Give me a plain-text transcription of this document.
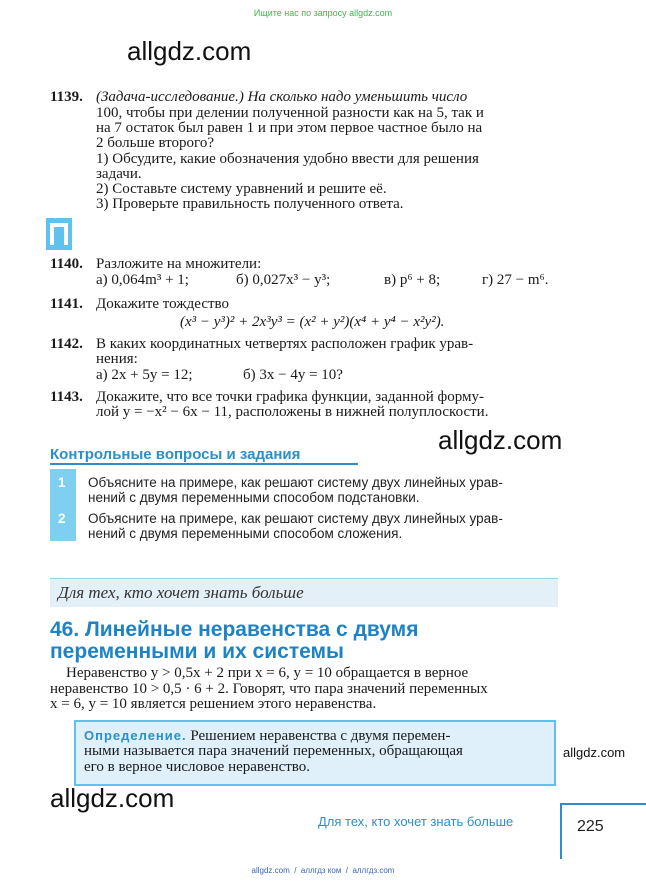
Ищите нас по запросу allgdz.com
allgdz.com
1139. (Задача-исследование.) На сколько надо уменьшить число
100, чтобы при делении полученной разности как на 5, так и
на 7 остаток был равен 1 и при этом первое частное было на
2 больше второго?
1) Обсудите, какие обозначения удобно ввести для решения
задачи.
2) Составьте систему уравнений и решите её.
3) Проверьте правильность полученного ответа.
1140. Разложите на множители:
а) 0,064m³ + 1;	б) 0,027x³ − y³;	в) p⁶ + 8;	г) 27 − m⁶.
1141. Докажите тождество
(x³ − y³)² + 2x³y³ = (x² + y²)(x⁴ + y⁴ − x²y²).
1142. В каких координатных четвертях расположен график урав-
нения:
а) 2x + 5y = 12;	б) 3x − 4y = 10?
1143. Докажите, что все точки графика функции, заданной форму-
лой y = −x² − 6x − 11, расположены в нижней полуплоскости.
allgdz.com
Контрольные вопросы и задания
1 Объясните на примере, как решают систему двух линейных урав-
нений с двумя переменными способом подстановки.
2 Объясните на примере, как решают систему двух линейных урав-
нений с двумя переменными способом сложения.
Для тех, кто хочет знать больше
46. Линейные неравенства с двумя
переменными и их системы
Неравенство y > 0,5x + 2 при x = 6, y = 10 обращается в верное
неравенство 10 > 0,5 · 6 + 2. Говорят, что пара значений переменных
x = 6, y = 10 является решением этого неравенства.
Определение. Решением неравенства с двумя перемен-
ными называется пара значений переменных, обращающая
его в верное числовое неравенство.
allgdz.com
allgdz.com
Для тех, кто хочет знать больше	225
allgdz.com  /  аллгдз ком  /  аллгдз.com
